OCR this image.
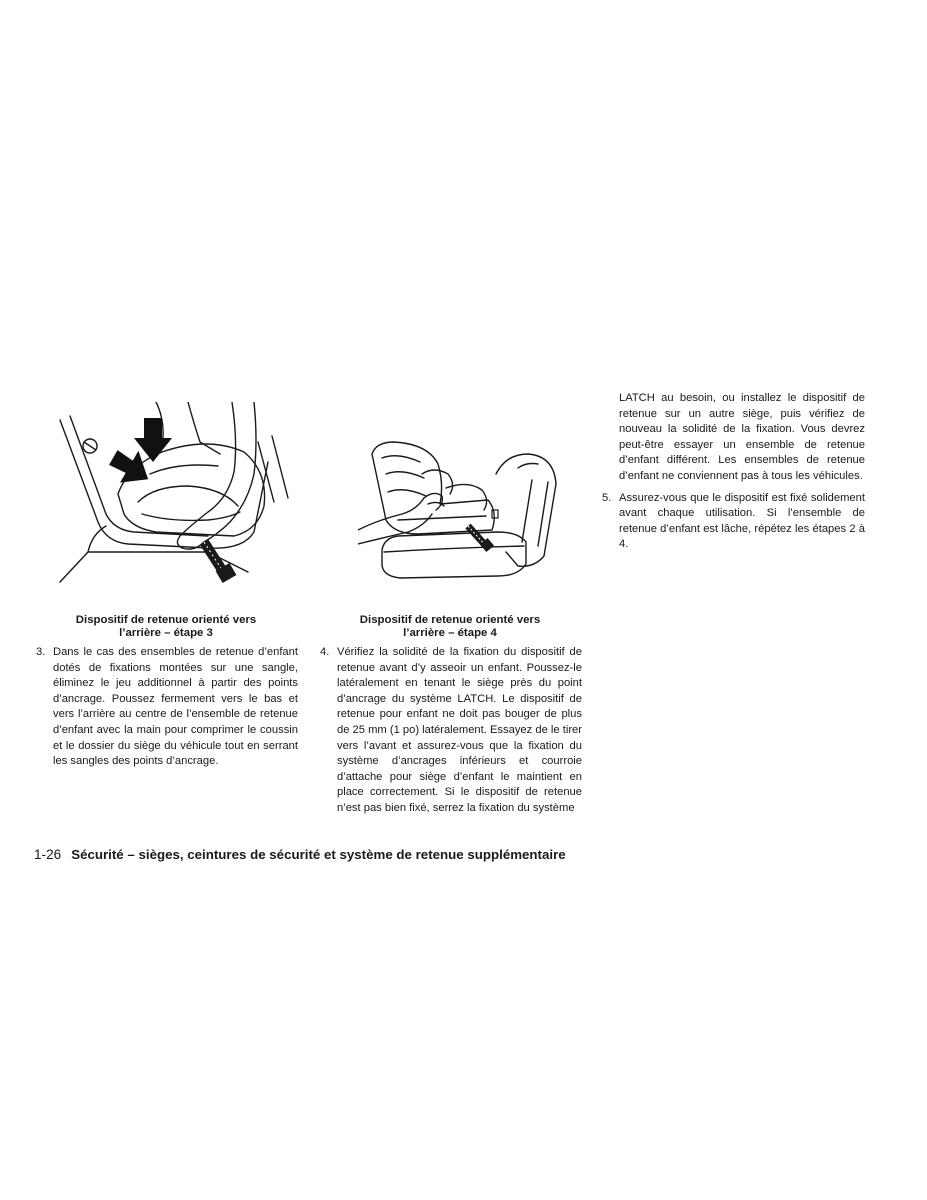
Dispositif de retenue orienté vers
l’arrière – étape 3
Dispositif de retenue orienté vers
l’arrière – étape 4
3. Dans le cas des ensembles de retenue d’enfant dotés de fixations montées sur une sangle, éliminez le jeu additionnel à partir des points d’ancrage. Poussez fermement vers le bas et vers l’arrière au centre de l’ensemble de retenue d’enfant avec la main pour comprimer le coussin et le dossier du siège du véhicule tout en serrant les sangles des points d’ancrage.
4. Vérifiez la solidité de la fixation du dispositif de retenue avant d’y asseoir un enfant. Poussez-le latéralement en tenant le siège près du point d’ancrage du système LATCH. Le dispositif de retenue pour enfant ne doit pas bouger de plus de 25 mm (1 po) latéralement. Essayez de le tirer vers l’avant et assurez-vous que la fixation du système d’ancrages inférieurs et courroie d’attache pour siège d’enfant le maintient en place correctement. Si le dispositif de retenue n’est pas bien fixé, serrez la fixation du système
LATCH au besoin, ou installez le dispositif de retenue sur un autre siège, puis vérifiez de nouveau la solidité de la fixation. Vous devrez peut-être essayer un ensemble de retenue d’enfant différent. Les ensembles de retenue d’enfant ne conviennent pas à tous les véhicules.
5. Assurez-vous que le dispositif est fixé solidement avant chaque utilisation. Si l’ensemble de retenue d’enfant est lâche, répétez les étapes 2 à 4.
1-26 Sécurité – sièges, ceintures de sécurité et système de retenue supplémentaire
